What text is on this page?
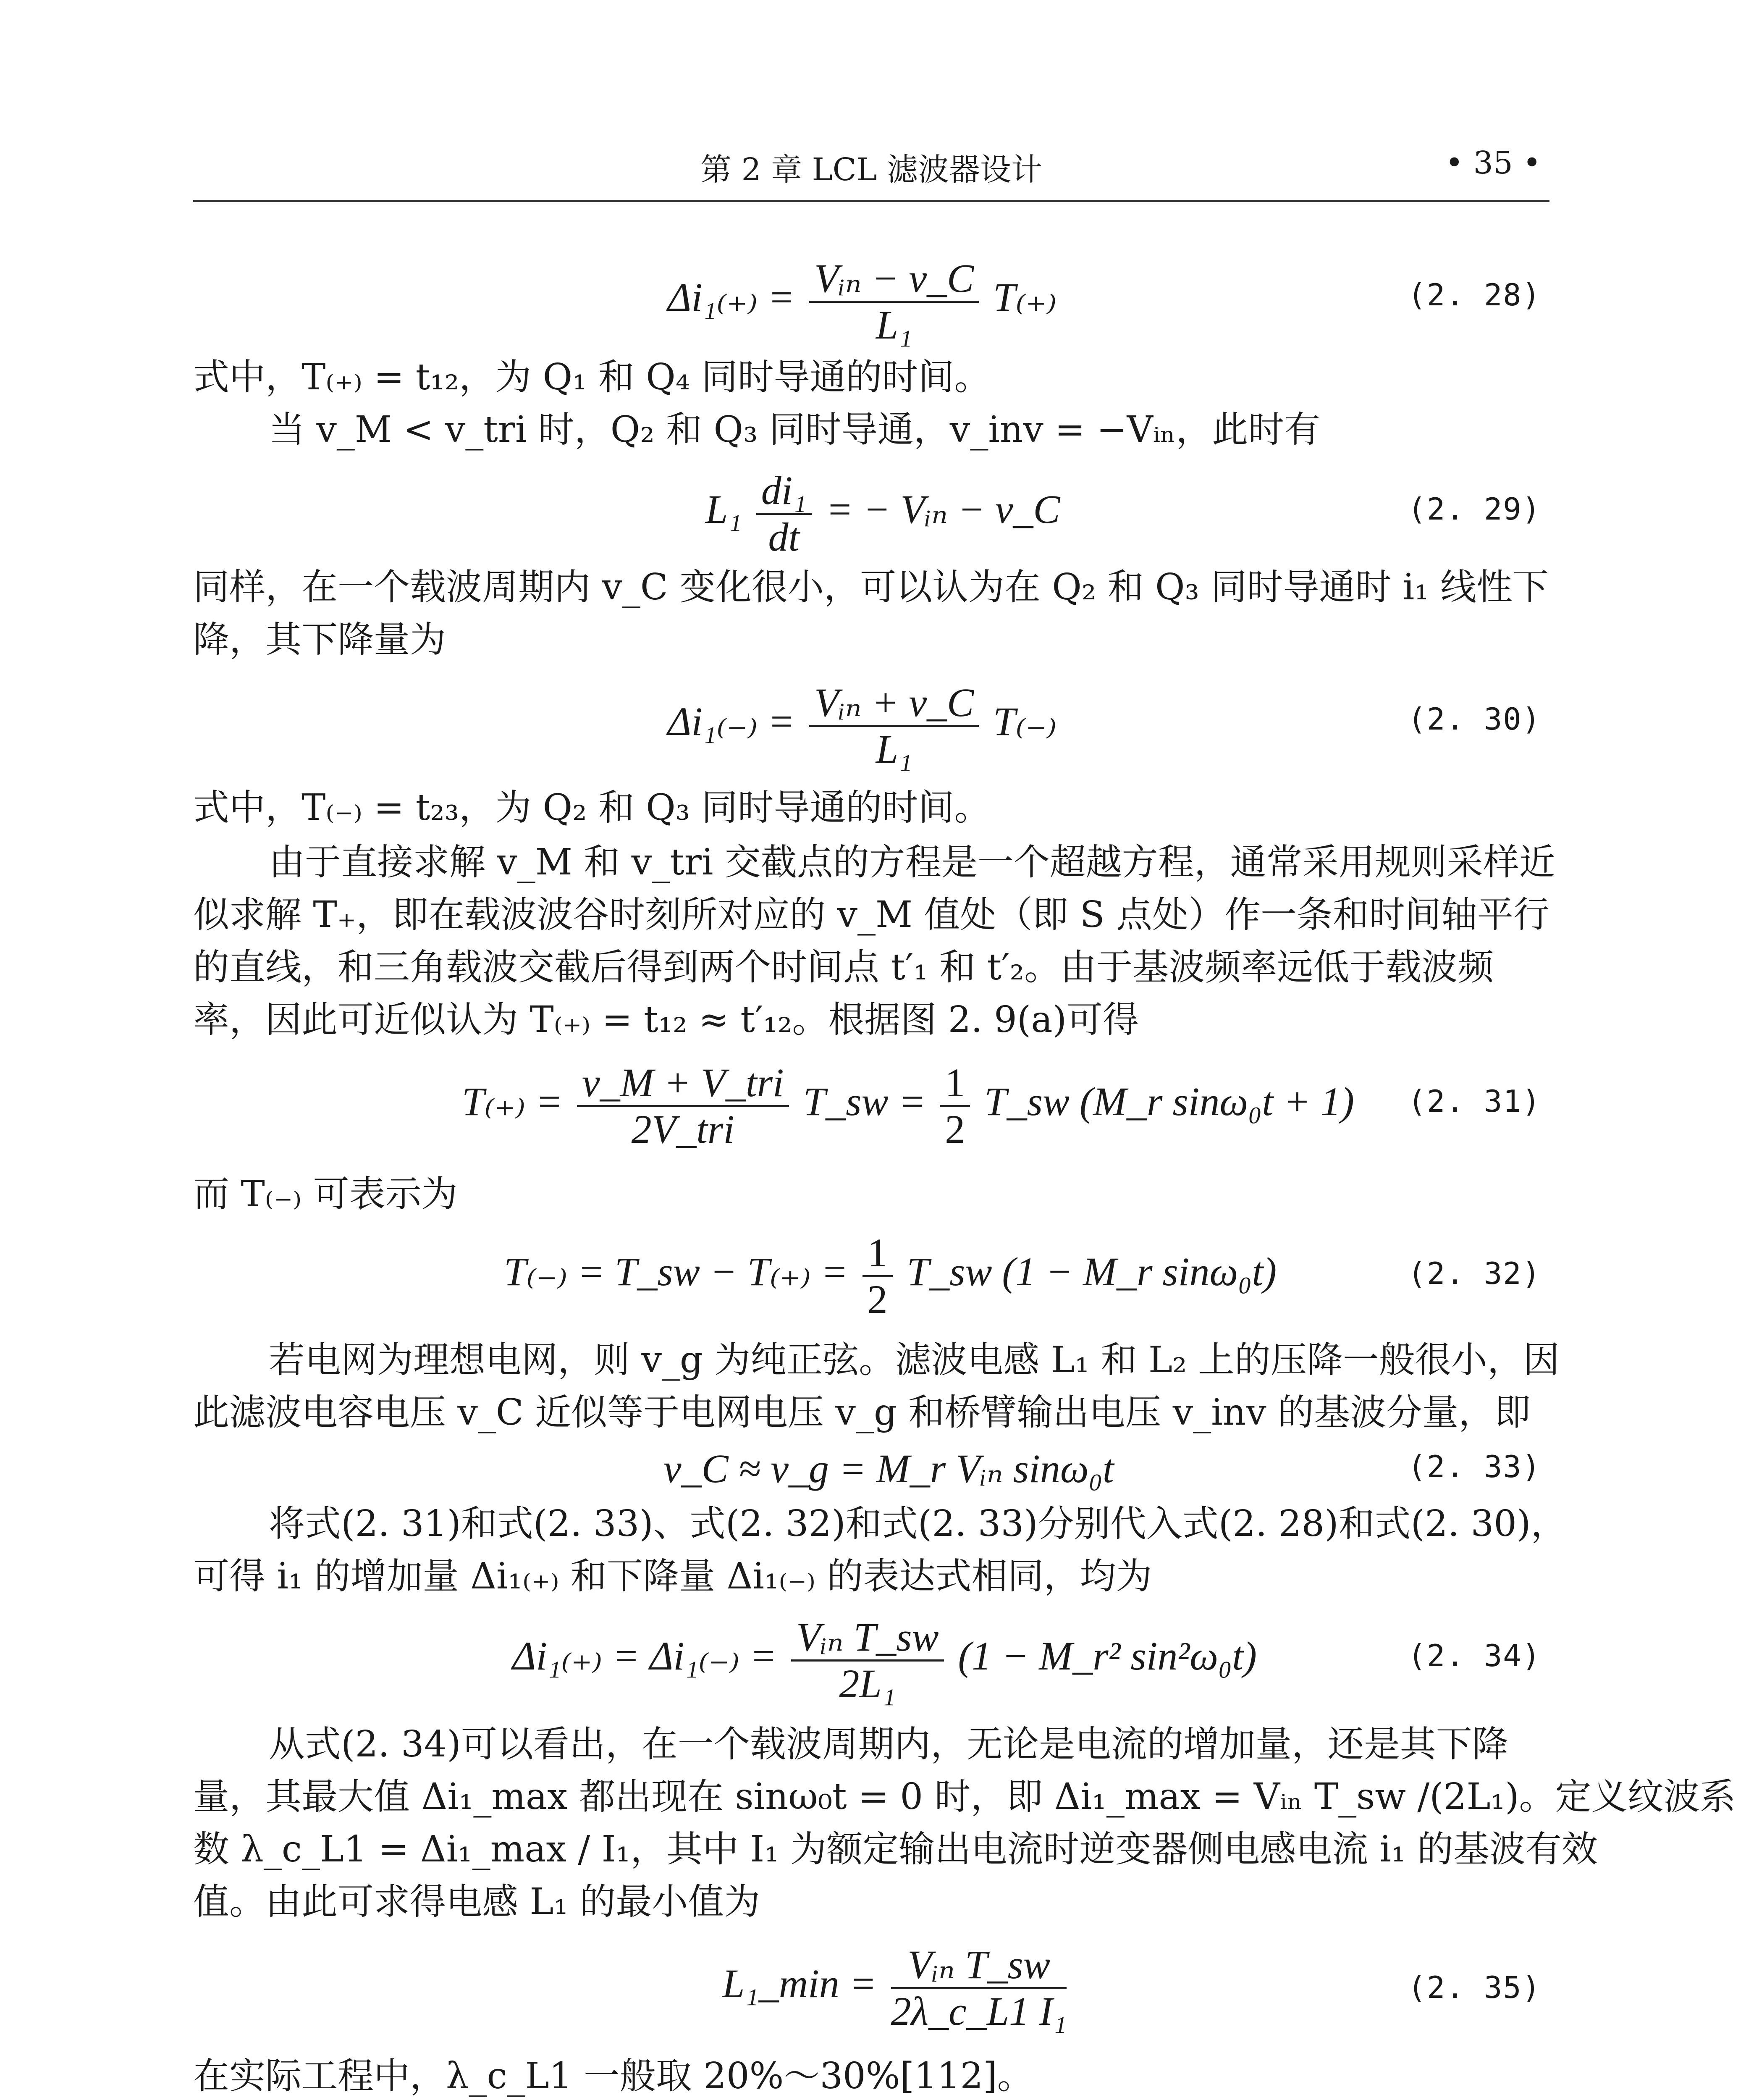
第 2 章 LCL 滤波器设计	• 35 •
$\Delta i_{1(+)} = \frac{\text{Vᵢₙ − v\_C}}{\text{L₁}} T_{(+)}$	(2. 28)
式中，T₍₊₎ = t₁₂，为 Q₁ 和 Q₄ 同时导通的时间。
当 v_M < v_tri 时，Q₂ 和 Q₃ 同时导通，v_inv = −Vᵢₙ，此时有
$L_1 \frac{\text{di₁}}{dt}$ = − Vᵢₙ − v_C	(2. 29)
同样，在一个载波周期内 v_C 变化很小，可以认为在 Q₂ 和 Q₃ 同时导通时 i₁ 线性下
降，其下降量为
$\Delta i_{1(-)} = \frac{\text{Vᵢₙ + v\_C}}{\text{L₁}} T_{(-)}$	(2. 30)
式中，T₍₋₎ = t₂₃，为 Q₂ 和 Q₃ 同时导通的时间。
由于直接求解 v_M 和 v_tri 交截点的方程是一个超越方程，通常采用规则采样近
似求解 T₊，即在载波波谷时刻所对应的 v_M 值处（即 S 点处）作一条和时间轴平行
的直线，和三角载波交截后得到两个时间点 t′₁ 和 t′₂。由于基波频率远低于载波频
率，因此可近似认为 T₍₊₎ = t₁₂ ≈ t′₁₂。根据图 2. 9(a)可得
$T_{(+)} = \frac{\text{v\_M + V\_tri}}{\text{2V\_tri}}$ T_sw = $\frac{1}{2}$ T_sw (M_r sinω₀t + 1) (2. 31)
而 T₍₋₎ 可表示为
T₍₋₎ = T_sw − $T_{(+)} = \frac{1}{2}$ T_sw (1 − M_r sinω₀t)	(2. 32)
若电网为理想电网，则 v_g 为纯正弦。滤波电感 L₁ 和 L₂ 上的压降一般很小，因
此滤波电容电压 v_C 近似等于电网电压 v_g 和桥臂输出电压 v_inv 的基波分量，即
v_C ≈ v_g = M_r Vᵢₙ sinω₀t	(2. 33)
将式(2. 31)和式(2. 33)、式(2. 32)和式(2. 33)分别代入式(2. 28)和式(2. 30)，
可得 i₁ 的增加量 Δi₁₍₊₎ 和下降量 Δi₁₍₋₎ 的表达式相同，均为
$\Delta i_{1(+)} = \Delta i_{1(-)} = \frac{\text{Vᵢₙ T\_sw}}{\text{2L₁}} (1$ − M_r² sin²ω₀t)	(2. 34)
从式(2. 34)可以看出，在一个载波周期内，无论是电流的增加量，还是其下降
量，其最大值 Δi₁_max 都出现在 sinω₀t = 0 时，即 Δi₁_max = Vᵢₙ T_sw /(2L₁)。定义纹波系
数 λ_c_L1 = Δi₁_max / I₁，其中 I₁ 为额定输出电流时逆变器侧电感电流 i₁ 的基波有效
值。由此可求得电感 L₁ 的最小值为
L₁_min = $\frac{\text{Vᵢₙ T\_sw}}{\text{2λ\_c\_L1 I₁}}$	(2. 35)
在实际工程中，λ_c_L1 一般取 20%～30%[112]。
